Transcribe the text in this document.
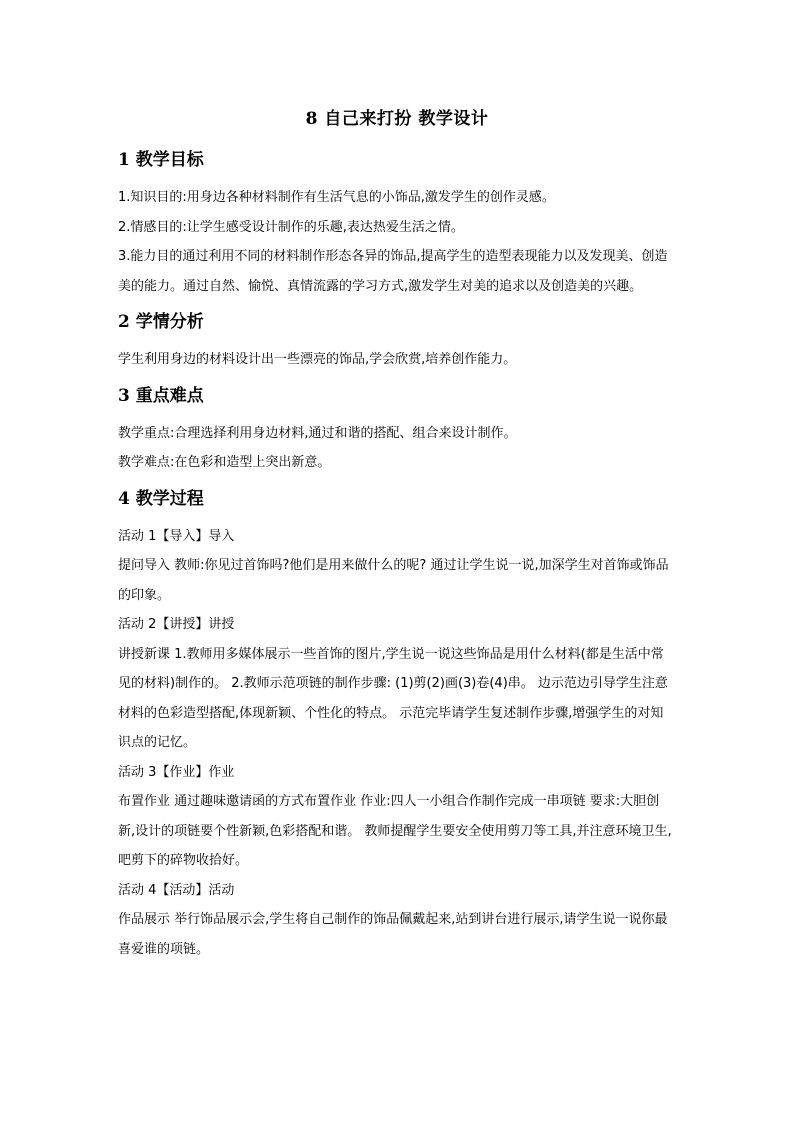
8 自己来打扮 教学设计
1 教学目标

1.知识目的:用身边各种材料制作有生活气息的小饰品,激发学生的创作灵感。

2.情感目的:让学生感受设计制作的乐趣,表达热爱生活之情。

3.能力目的通过利用不同的材料制作形态各异的饰品,提高学生的造型表现能力以及发现美、创造美的能力。通过自然、愉悦、真情流露的学习方式,激发学生对美的追求以及创造美的兴趣。

2 学情分析

学生利用身边的材料设计出一些漂亮的饰品,学会欣赏,培养创作能力。

3 重点难点

教学重点:合理选择利用身边材料,通过和谐的搭配、组合来设计制作。

教学难点:在色彩和造型上突出新意。

4 教学过程

活动 1【导入】导入

提问导入 教师:你见过首饰吗?他们是用来做什么的呢? 通过让学生说一说,加深学生对首饰或饰品的印象。

活动 2【讲授】讲授

讲授新课 1.教师用多媒体展示一些首饰的图片,学生说一说这些饰品是用什么材料(都是生活中常见的材料)制作的。 2.教师示范项链的制作步骤: (1)剪(2)画(3)卷(4)串。 边示范边引导学生注意材料的色彩造型搭配,体现新颖、个性化的特点。 示范完毕请学生复述制作步骤,增强学生的对知识点的记忆。

活动 3【作业】作业

布置作业 通过趣味邀请函的方式布置作业 作业:四人一小组合作制作完成一串项链 要求:大胆创新,设计的项链要个性新颖,色彩搭配和谐。 教师提醒学生要安全使用剪刀等工具,并注意环境卫生,吧剪下的碎物收拾好。

活动 4【活动】活动

作品展示 举行饰品展示会,学生将自己制作的饰品佩戴起来,站到讲台进行展示,请学生说一说你最喜爱谁的项链。
